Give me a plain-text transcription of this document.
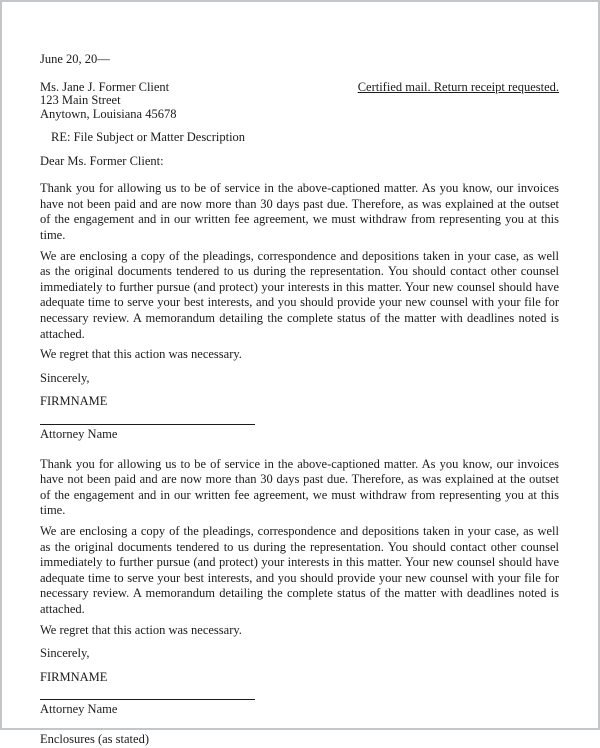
June 20, 20—
Ms. Jane J. Former Client
123 Main Street
Anytown, Louisiana 45678
Certified mail. Return receipt requested.
RE: File Subject or Matter Description
Dear Ms. Former Client:

Thank you for allowing us to be of service in the above-captioned matter. As you know, our invoices have not been paid and are now more than 30 days past due. Therefore, as was explained at the outset of the engagement and in our written fee agreement, we must withdraw from representing you at this time.

We are enclosing a copy of the pleadings, correspondence and depositions taken in your case, as well as the original documents tendered to us during the representation. You should contact other counsel immediately to further pursue (and protect) your interests in this matter. Your new counsel should have adequate time to serve your best interests, and you should provide your new counsel with your file for necessary review. A memorandum detailing the complete status of the matter with deadlines noted is attached.

We regret that this action was necessary.
Sincerely,
FIRMNAME
Attorney Name

Thank you for allowing us to be of service in the above-captioned matter. As you know, our invoices have not been paid and are now more than 30 days past due. Therefore, as was explained at the outset of the engagement and in our written fee agreement, we must withdraw from representing you at this time.

We are enclosing a copy of the pleadings, correspondence and depositions taken in your case, as well as the original documents tendered to us during the representation. You should contact other counsel immediately to further pursue (and protect) your interests in this matter. Your new counsel should have adequate time to serve your best interests, and you should provide your new counsel with your file for necessary review. A memorandum detailing the complete status of the matter with deadlines noted is attached.

We regret that this action was necessary.
Sincerely,
FIRMNAME
Attorney Name
Enclosures (as stated)
